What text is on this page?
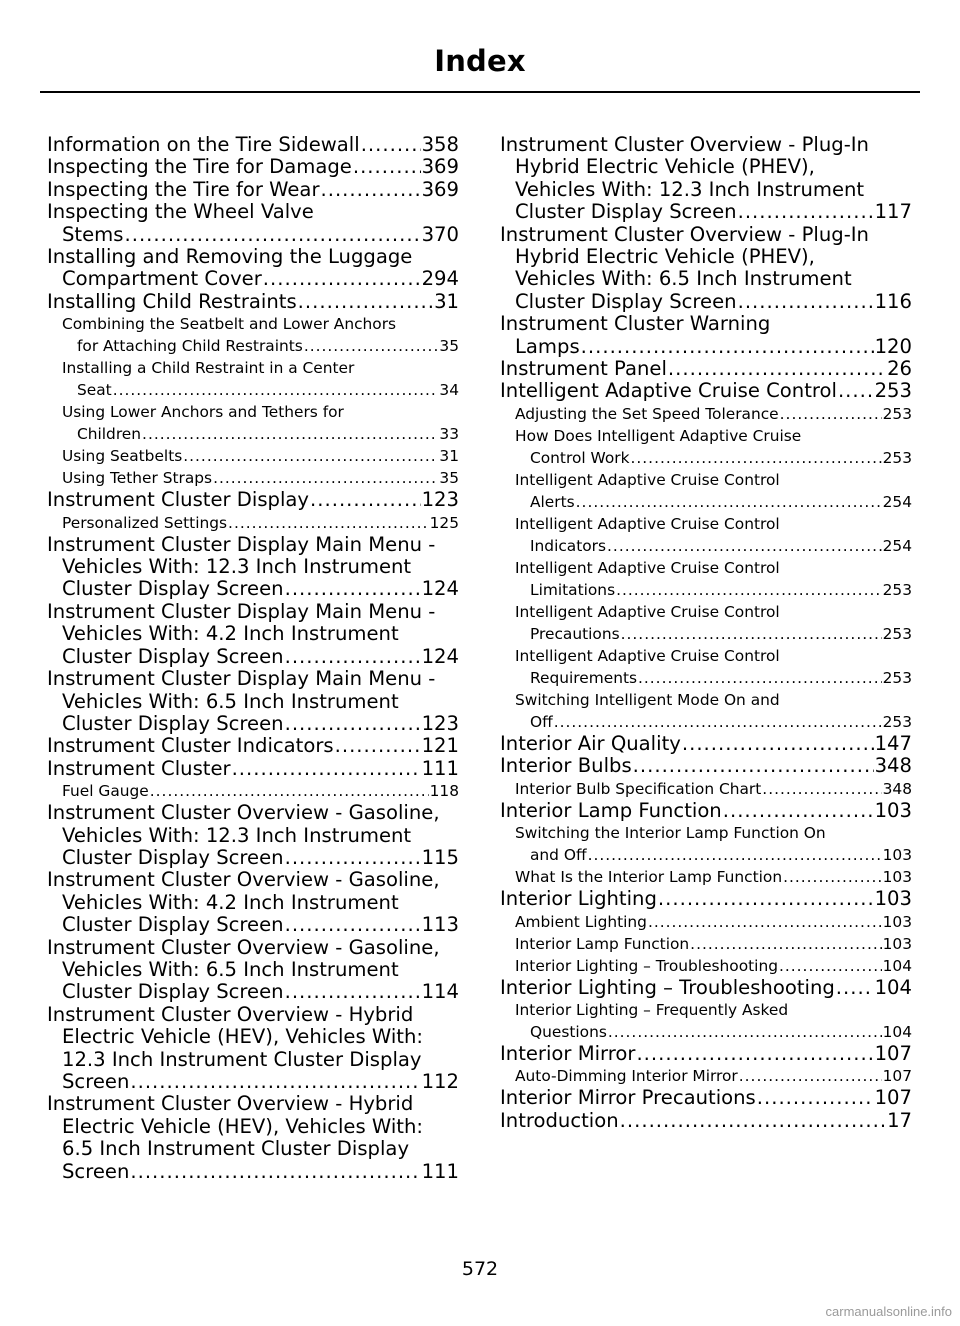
Index
Information on the Tire Sidewall .....	358
Inspecting the Tire for Damage .....	369
Inspecting the Tire for Wear .....	369
Inspecting the Wheel Valve
Stems .....	370
Installing and Removing the Luggage
Compartment Cover .....	294
Installing Child Restraints .....	31
Combining the Seatbelt and Lower Anchors
for Attaching Child Restraints .....	35
Installing a Child Restraint in a Center
Seat .....	34
Using Lower Anchors and Tethers for
Children .....	33
Using Seatbelts .....	31
Using Tether Straps .....	35
Instrument Cluster Display .....	123
Personalized Settings .....	125
Instrument Cluster Display Main Menu -
Vehicles With: 12.3 Inch Instrument
Cluster Display Screen .....	124
Instrument Cluster Display Main Menu -
Vehicles With: 4.2 Inch Instrument
Cluster Display Screen .....	124
Instrument Cluster Display Main Menu -
Vehicles With: 6.5 Inch Instrument
Cluster Display Screen .....	123
Instrument Cluster Indicators .....	121
Instrument Cluster .....	111
Fuel Gauge .....	118
Instrument Cluster Overview - Gasoline,
Vehicles With: 12.3 Inch Instrument
Cluster Display Screen .....	115
Instrument Cluster Overview - Gasoline,
Vehicles With: 4.2 Inch Instrument
Cluster Display Screen .....	113
Instrument Cluster Overview - Gasoline,
Vehicles With: 6.5 Inch Instrument
Cluster Display Screen .....	114
Instrument Cluster Overview - Hybrid
Electric Vehicle (HEV), Vehicles With:
12.3 Inch Instrument Cluster Display
Screen .....	112
Instrument Cluster Overview - Hybrid
Electric Vehicle (HEV), Vehicles With:
6.5 Inch Instrument Cluster Display
Screen .....	111
Instrument Cluster Overview - Plug-In
Hybrid Electric Vehicle (PHEV),
Vehicles With: 12.3 Inch Instrument
Cluster Display Screen .....	117
Instrument Cluster Overview - Plug-In
Hybrid Electric Vehicle (PHEV),
Vehicles With: 6.5 Inch Instrument
Cluster Display Screen .....	116
Instrument Cluster Warning
Lamps .....	120
Instrument Panel .....	26
Intelligent Adaptive Cruise Control ..... 253
Adjusting the Set Speed Tolerance .....	253
How Does Intelligent Adaptive Cruise
Control Work .....	253
Intelligent Adaptive Cruise Control
Alerts .....	254
Intelligent Adaptive Cruise Control
Indicators .....	254
Intelligent Adaptive Cruise Control
Limitations .....	253
Intelligent Adaptive Cruise Control
Precautions .....	253
Intelligent Adaptive Cruise Control
Requirements .....	253
Switching Intelligent Mode On and
Off .....	253
Interior Air Quality .....	147
Interior Bulbs .....	348
Interior Bulb Specification Chart .....	348
Interior Lamp Function .....	103
Switching the Interior Lamp Function On
and Off .....	103
What Is the Interior Lamp Function .....	103
Interior Lighting .....	103
Ambient Lighting .....	103
Interior Lamp Function .....	103
Interior Lighting – Troubleshooting .....	104
Interior Lighting – Troubleshooting ..... 104
Interior Lighting – Frequently Asked
Questions .....	104
Interior Mirror .....	107
Auto-Dimming Interior Mirror .....	107
Interior Mirror Precautions .....	107
Introduction .....	17
572
carmanualsonline.info
